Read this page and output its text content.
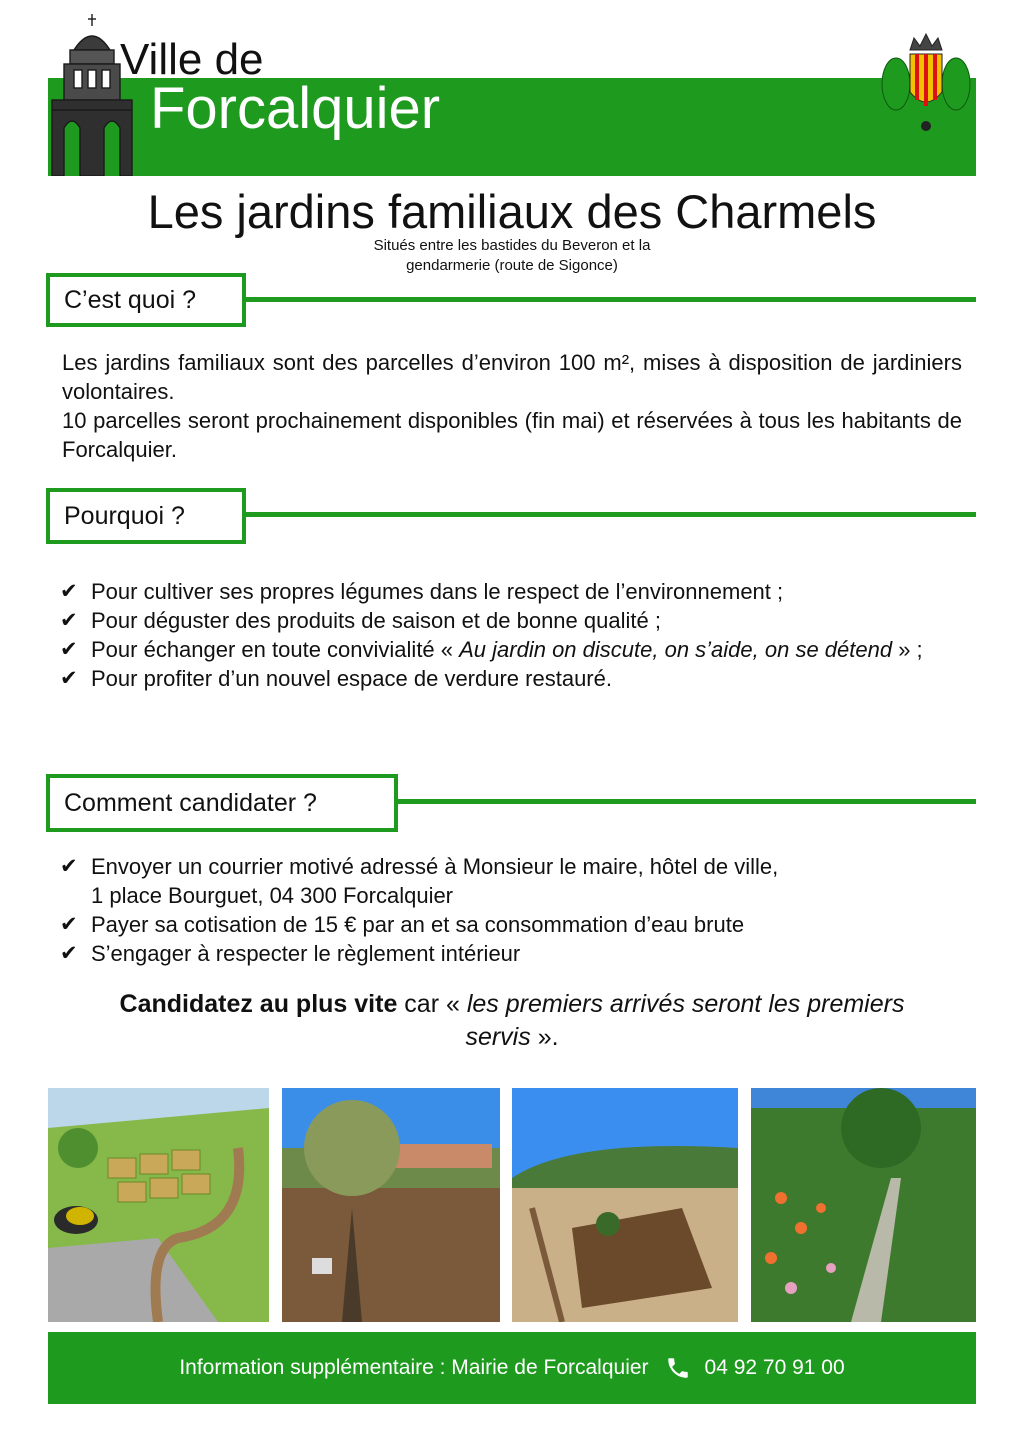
Ville de
Forcalquier
Les jardins familiaux des Charmels
Situés entre les bastides du Beveron et la
gendarmerie (route de Sigonce)
C’est quoi ?

Les jardins familiaux sont des parcelles d’environ 100 m², mises à disposition de jardiniers volontaires.

10 parcelles seront prochainement disponibles (fin mai) et réservées à tous les habitants de Forcalquier.

Pourquoi ?
✔ Pour cultiver ses propres légumes dans le respect de l’environnement ;
✔ Pour déguster des produits de saison et de bonne qualité ;
✔ Pour échanger en toute convivialité « Au jardin on discute, on s’aide, on se détend » ;
✔ Pour profiter d’un nouvel espace de verdure restauré.
Comment candidater ?
✔ Envoyer un courrier motivé adressé à Monsieur le maire, hôtel de ville,
1 place Bourguet, 04 300 Forcalquier
✔ Payer sa cotisation de 15 € par an et sa consommation d’eau brute
✔ S’engager à respecter le règlement intérieur
Candidatez au plus vite car « les premiers arrivés seront les premiers servis ».
Information supplémentaire : Mairie de Forcalquier	04 92 70 91 00
